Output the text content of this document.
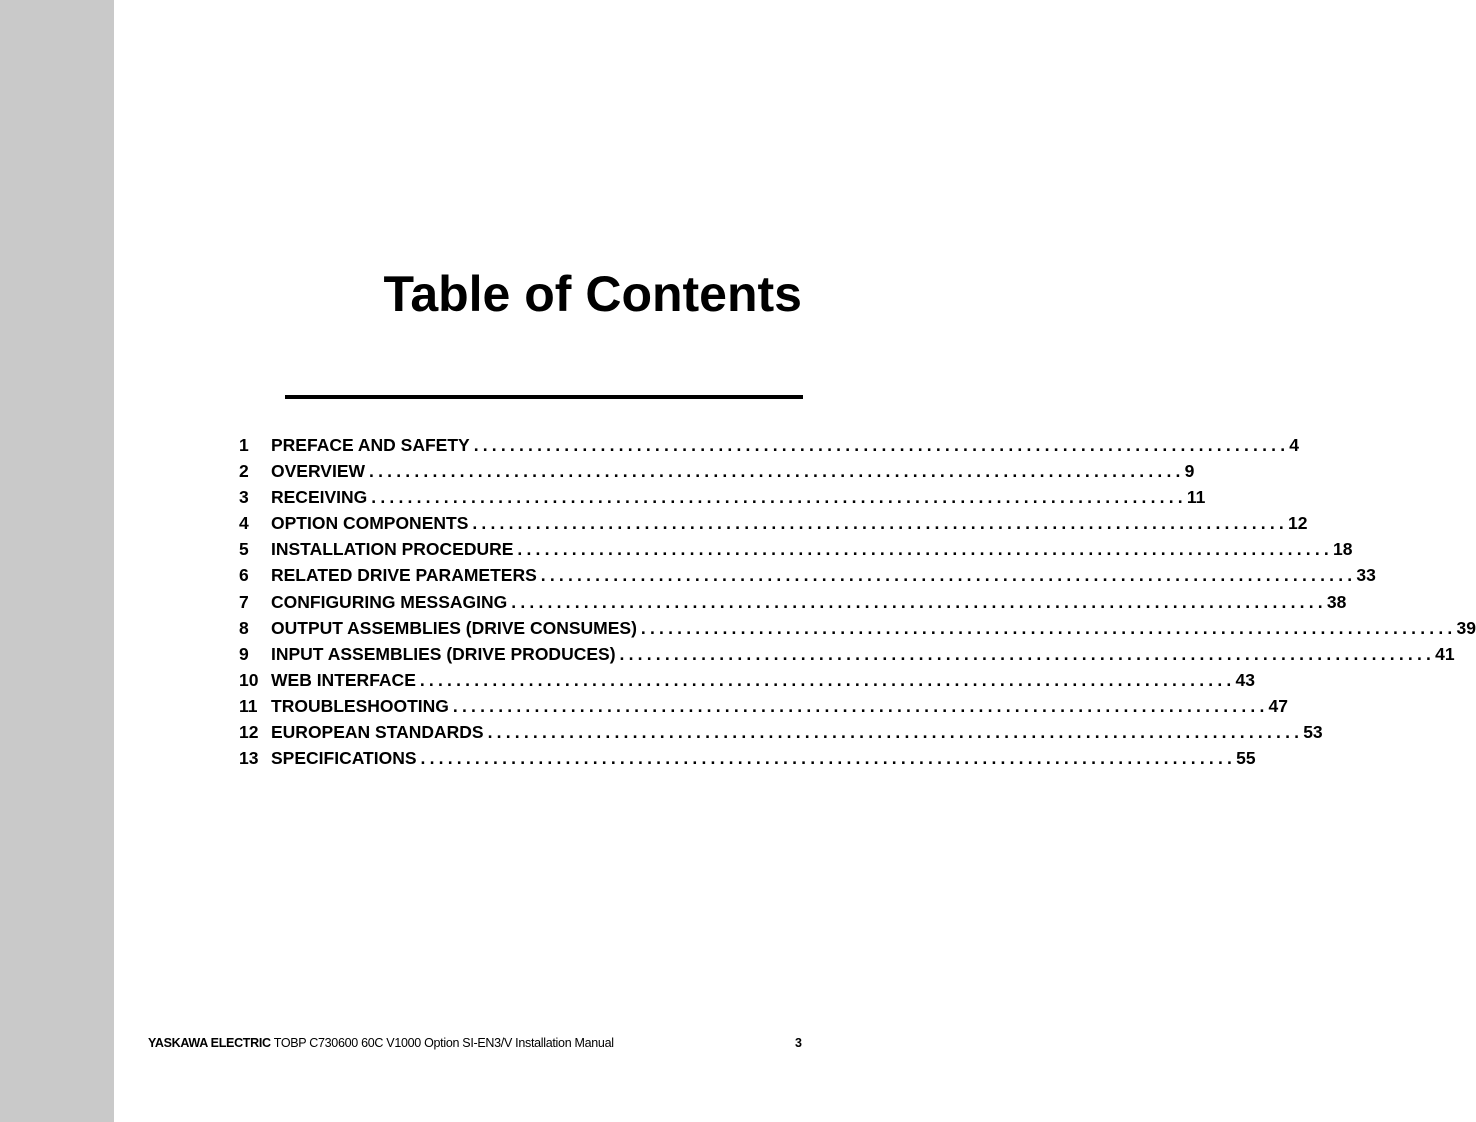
Table of Contents
1	PREFACE AND SAFETY .......................................................................................... 4
2	OVERVIEW .......................................................................................... 9
3	RECEIVING .......................................................................................... 11
4	OPTION COMPONENTS .......................................................................................... 12
5	INSTALLATION PROCEDURE .......................................................................................... 18
6	RELATED DRIVE PARAMETERS .......................................................................................... 33
7	CONFIGURING MESSAGING .......................................................................................... 38
8	OUTPUT ASSEMBLIES (DRIVE CONSUMES) .......................................................................................... 39
9	INPUT ASSEMBLIES (DRIVE PRODUCES) .......................................................................................... 41
10 WEB INTERFACE .......................................................................................... 43
11 TROUBLESHOOTING .......................................................................................... 47
12 EUROPEAN STANDARDS .......................................................................................... 53
13 SPECIFICATIONS .......................................................................................... 55
YASKAWA ELECTRIC TOBP C730600 60C V1000 Option SI-EN3/V Installation Manual	3
